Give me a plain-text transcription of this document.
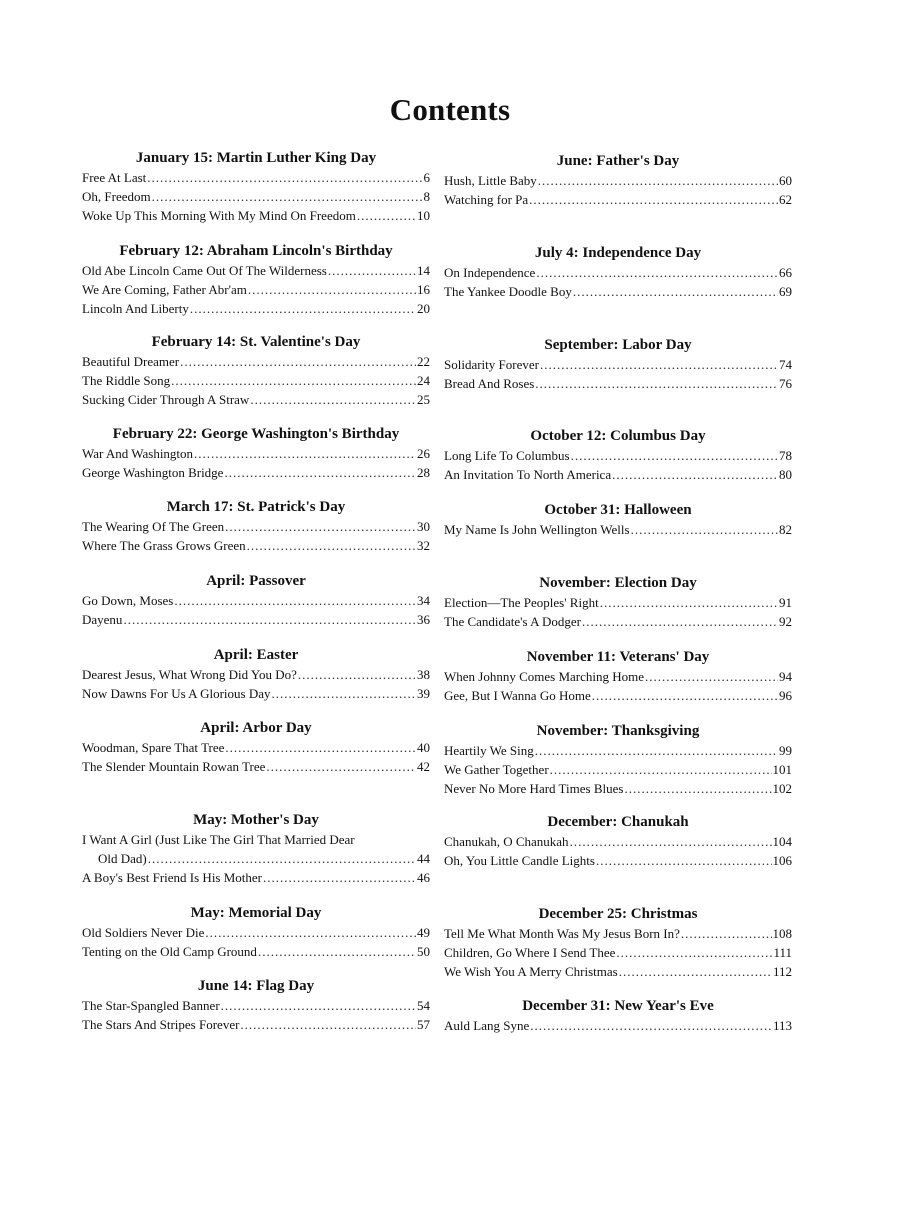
Contents
January 15: Martin Luther King Day
Free At Last .....	6
Oh, Freedom .....	8
Woke Up This Morning With My Mind On Freedom .....	10
February 12: Abraham Lincoln's Birthday
Old Abe Lincoln Came Out Of The Wilderness .....	14
We Are Coming, Father Abr'am .....	16
Lincoln And Liberty .....	20
February 14: St. Valentine's Day
Beautiful Dreamer .....	22
The Riddle Song .....	24
Sucking Cider Through A Straw .....	25
February 22: George Washington's Birthday
War And Washington .....	26
George Washington Bridge .....	28
March 17: St. Patrick's Day
The Wearing Of The Green .....	30
Where The Grass Grows Green .....	32
April: Passover
Go Down, Moses .....	34
Dayenu .....	36
April: Easter
Dearest Jesus, What Wrong Did You Do? .....	38
Now Dawns For Us A Glorious Day .....	39
April: Arbor Day
Woodman, Spare That Tree .....	40
The Slender Mountain Rowan Tree .....	42
May: Mother's Day
I Want A Girl (Just Like The Girl That Married Dear
Old Dad) .....	44
A Boy's Best Friend Is His Mother .....	46
May: Memorial Day
Old Soldiers Never Die .....	49
Tenting on the Old Camp Ground .....	50
June 14: Flag Day
The Star-Spangled Banner .....	54
The Stars And Stripes Forever .....	57
June: Father's Day
Hush, Little Baby .....	60
Watching for Pa .....	62
July 4: Independence Day
On Independence .....	66
The Yankee Doodle Boy .....	69
September: Labor Day
Solidarity Forever .....	74
Bread And Roses .....	76
October 12: Columbus Day
Long Life To Columbus .....	78
An Invitation To North America .....	80
October 31: Halloween
My Name Is John Wellington Wells .....	82
November: Election Day
Election—The Peoples' Right .....	91
The Candidate's A Dodger .....	92
November 11: Veterans' Day
When Johnny Comes Marching Home .....	94
Gee, But I Wanna Go Home .....	96
November: Thanksgiving
Heartily We Sing .....	99
We Gather Together .....	101
Never No More Hard Times Blues .....	102
December: Chanukah
Chanukah, O Chanukah .....	104
Oh, You Little Candle Lights .....	106
December 25: Christmas
Tell Me What Month Was My Jesus Born In? .....	108
Children, Go Where I Send Thee .....	111
We Wish You A Merry Christmas .....	112
December 31: New Year's Eve
Auld Lang Syne .....	113
